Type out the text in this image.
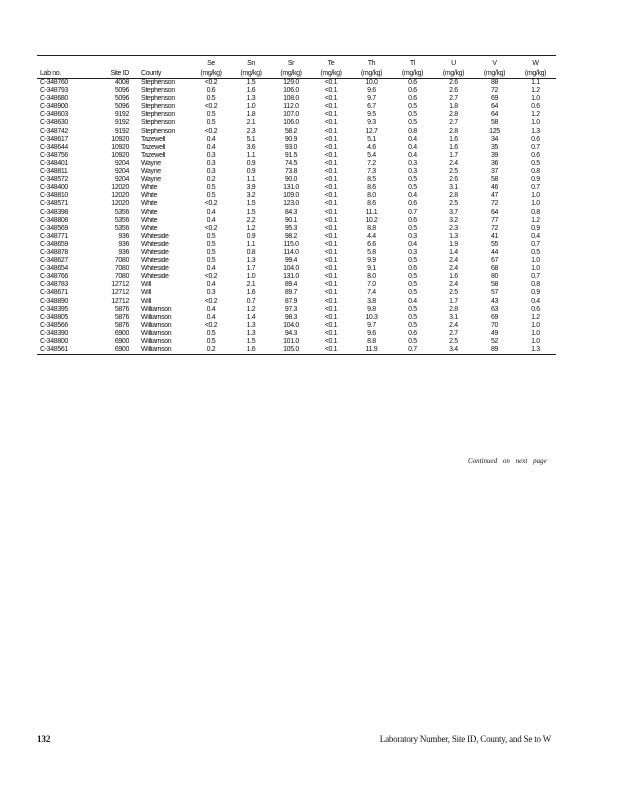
			Se	Sn	Sr	Te	Th	Tl	U	V	W
Lab no.	Site ID	County	(mg/kg)	(mg/kg)	(mg/kg)	(mg/kg)	(mg/kg)	(mg/kg)	(mg/kg)	(mg/kg)	(mg/kg)
C-348760	4008	Stephenson	<0.2	1.5	129.0	<0.1	10.0	0.6	2.6	88	1.1
C-348793	5096	Stephenson	0.6	1.6	106.0	<0.1	9.6	0.6	2.6	72	1.2
C-348680	5096	Stephenson	0.5	1.3	108.0	<0.1	9.7	0.6	2.7	69	1.0
C-348900	5096	Stephenson	<0.2	1.0	112.0	<0.1	6.7	0.5	1.8	64	0.6
C-348603	9192	Stephenson	0.5	1.8	107.0	<0.1	9.5	0.5	2.8	64	1.2
C-348630	9192	Stephenson	0.5	2.1	106.0	<0.1	9.3	0.5	2.7	58	1.0
C-348742	9192	Stephenson	<0.2	2.3	58.2	<0.1	12.7	0.8	2.8	125	1.3
C-348617	10920	Tazewell	0.4	5.1	90.9	<0.1	5.1	0.4	1.6	34	0.6
C-348644	10920	Tazewell	0.4	3.6	93.0	<0.1	4.6	0.4	1.6	35	0.7
C-348756	10920	Tazewell	0.3	1.1	91.5	<0.1	5.4	0.4	1.7	39	0.6
C-348401	9204	Wayne	0.3	0.9	74.5	<0.1	7.2	0.3	2.4	36	0.5
C-348811	9204	Wayne	0.3	0.9	73.8	<0.1	7.3	0.3	2.5	37	0.8
C-348572	9204	Wayne	0.2	1.1	90.0	<0.1	8.5	0.5	2.6	58	0.9
C-348400	12020	White	0.5	3.9	131.0	<0.1	8.6	0.5	3.1	46	0.7
C-348810	12020	White	0.5	3.2	109.0	<0.1	8.0	0.4	2.8	47	1.0
C-348571	12020	White	<0.2	1.5	123.0	<0.1	8.6	0.6	2.5	72	1.0
C-348398	5356	White	0.4	1.5	84.3	<0.1	11.1	0.7	3.7	64	0.8
C-348808	5356	White	0.4	2.2	90.1	<0.1	10.2	0.6	3.2	77	1.2
C-348569	5356	White	<0.2	1.2	95.3	<0.1	8.8	0.5	2.3	72	0.9
C-348771	936	Whiteside	0.5	0.9	98.2	<0.1	4.4	0.3	1.3	41	0.4
C-348659	936	Whiteside	0.5	1.1	115.0	<0.1	6.6	0.4	1.9	55	0.7
C-348878	936	Whiteside	0.5	0.8	114.0	<0.1	5.8	0.3	1.4	44	0.5
C-348627	7080	Whiteside	0.5	1.3	99.4	<0.1	9.9	0.5	2.4	67	1.0
C-348654	7080	Whiteside	0.4	1.7	104.0	<0.1	9.1	0.6	2.4	68	1.0
C-348766	7080	Whiteside	<0.2	1.0	131.0	<0.1	8.0	0.5	1.6	80	0.7
C-348783	12712	Will	0.4	2.1	89.4	<0.1	7.0	0.5	2.4	58	0.8
C-348671	12712	Will	0.3	1.6	89.7	<0.1	7.4	0.5	2.5	57	0.9
C-348890	12712	Will	<0.2	0.7	87.9	<0.1	3.8	0.4	1.7	43	0.4
C-348395	5876	Williamson	0.4	1.2	97.3	<0.1	9.8	0.5	2.8	63	0.6
C-348805	5876	Williamson	0.4	1.4	98.3	<0.1	10.3	0.5	3.1	69	1.2
C-348566	5876	Williamson	<0.2	1.3	104.0	<0.1	9.7	0.5	2.4	70	1.0
C-348390	6900	Williamson	0.5	1.3	94.3	<0.1	9.6	0.6	2.7	49	1.0
C-348800	6900	Williamson	0.5	1.5	101.0	<0.1	8.8	0.5	2.5	52	1.0
C-348561	6900	Williamson	0.2	1.6	105.0	<0.1	11.9	0.7	3.4	89	1.3
Continued on next page
132	Laboratory Number, Site ID, County, and Se to W
